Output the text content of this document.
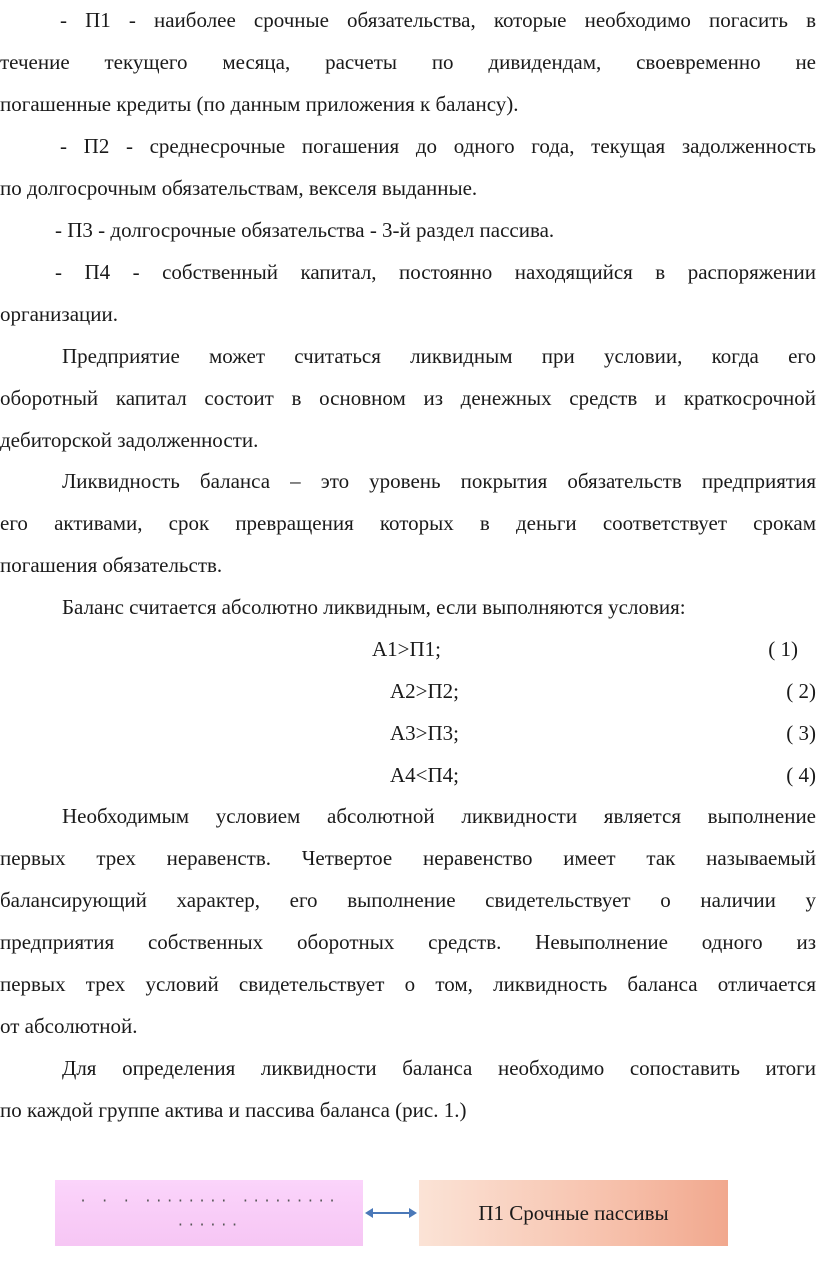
- П1 - наиболее срочные обязательства, которые необходимо погасить в
течение текущего месяца, расчеты по дивидендам, своевременно не
погашенные кредиты (по данным приложения к балансу).
- П2 - среднесрочные погашения до одного года, текущая задолженность
по долгосрочным обязательствам, векселя выданные.
- П3 - долгосрочные обязательства - 3-й раздел пассива.
- П4 - собственный капитал, постоянно находящийся в распоряжении
организации.
Предприятие может считаться ликвидным при условии, когда его
оборотный капитал состоит в основном из денежных средств и краткосрочной
дебиторской задолженности.
Ликвидность баланса – это уровень покрытия обязательств предприятия
его активами, срок превращения которых в деньги соответствует срокам
погашения обязательств.
Баланс считается абсолютно ликвидным, если выполняются условия:
А1>П1;	( 1)
А2>П2;	( 2)
А3>П3;	( 3)
А4<П4;	( 4)
Необходимым условием абсолютной ликвидности является выполнение
первых трех неравенств. Четвертое неравенство имеет так называемый
балансирующий характер, его выполнение свидетельствует о наличии у
предприятия собственных оборотных средств. Невыполнение одного из
первых трех условий свидетельствует о том, ликвидность баланса отличается
от абсолютной.
Для определения ликвидности баланса необходимо сопоставить итоги
по каждой группе актива и пассива баланса (рис. 1.)
· · · ········ ·········
······
П1 Срочные пассивы
